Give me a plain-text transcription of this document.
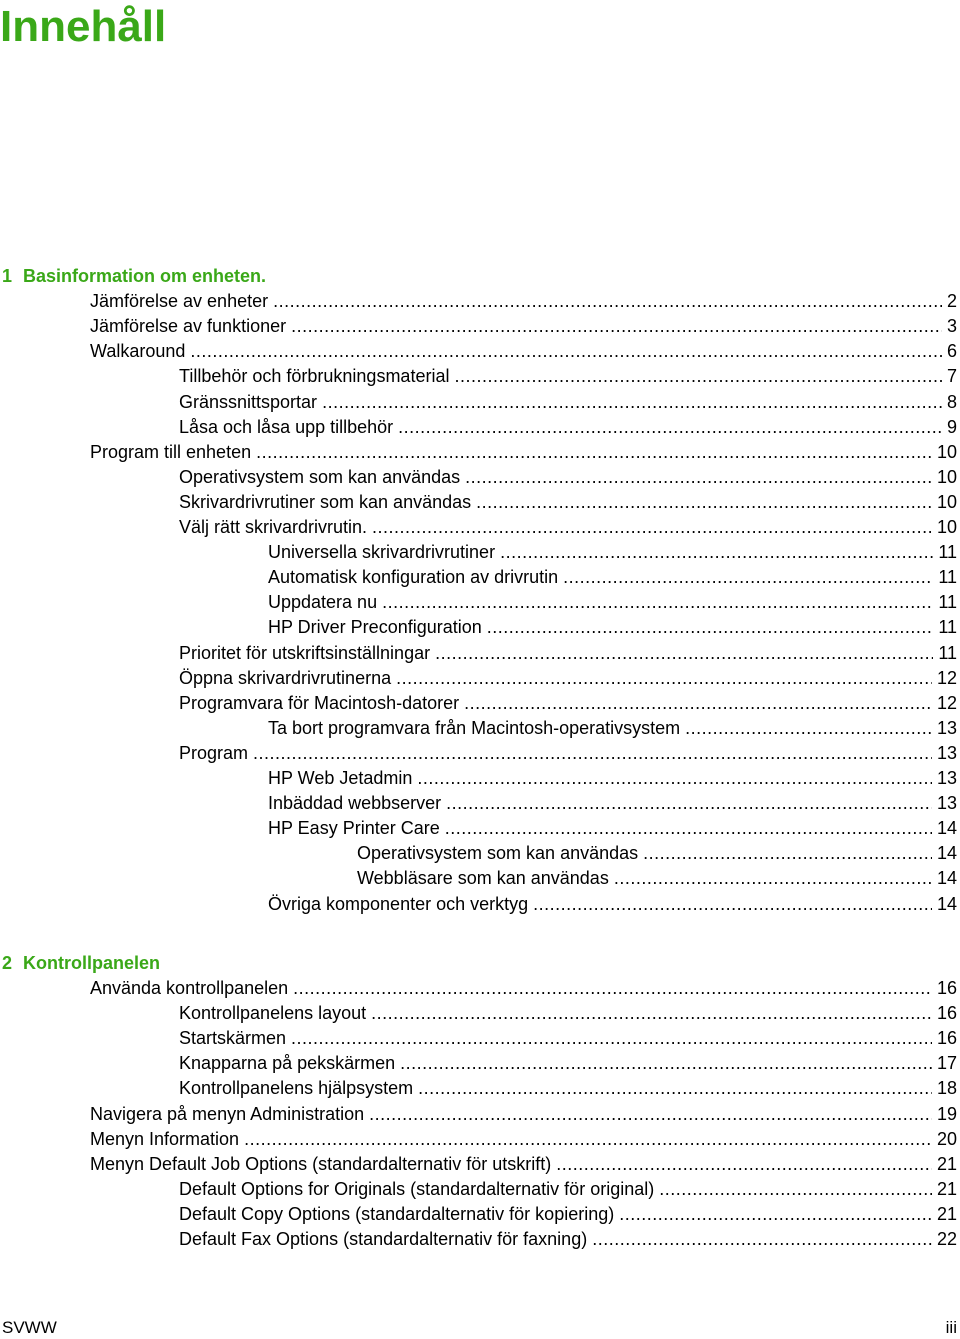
Innehåll
1 Basinformation om enheten.
Jämförelse av enheter .....	2
Jämförelse av funktioner .....	3
Walkaround .....	6
Tillbehör och förbrukningsmaterial .....	7
Gränssnittsportar .....	8
Låsa och låsa upp tillbehör .....	9
Program till enheten .....	10
Operativsystem som kan användas .....	10
Skrivardrivrutiner som kan användas .....	10
Välj rätt skrivardrivrutin. .....	10
Universella skrivardrivrutiner .....	11
Automatisk konfiguration av drivrutin .....	11
Uppdatera nu .....	11
HP Driver Preconfiguration .....	11
Prioritet för utskriftsinställningar .....	11
Öppna skrivardrivrutinerna .....	12
Programvara för Macintosh-datorer .....	12
Ta bort programvara från Macintosh-operativsystem .....	13
Program .....	13
HP Web Jetadmin .....	13
Inbäddad webbserver .....	13
HP Easy Printer Care .....	14
Operativsystem som kan användas .....	14
Webbläsare som kan användas .....	14
Övriga komponenter och verktyg .....	14
2 Kontrollpanelen
Använda kontrollpanelen .....	16
Kontrollpanelens layout .....	16
Startskärmen .....	16
Knapparna på pekskärmen .....	17
Kontrollpanelens hjälpsystem .....	18
Navigera på menyn Administration .....	19
Menyn Information .....	20
Menyn Default Job Options (standardalternativ för utskrift) .....	21
Default Options for Originals (standardalternativ för original) .....	21
Default Copy Options (standardalternativ för kopiering) .....	21
Default Fax Options (standardalternativ för faxning) .....	22
SVWW	iii
